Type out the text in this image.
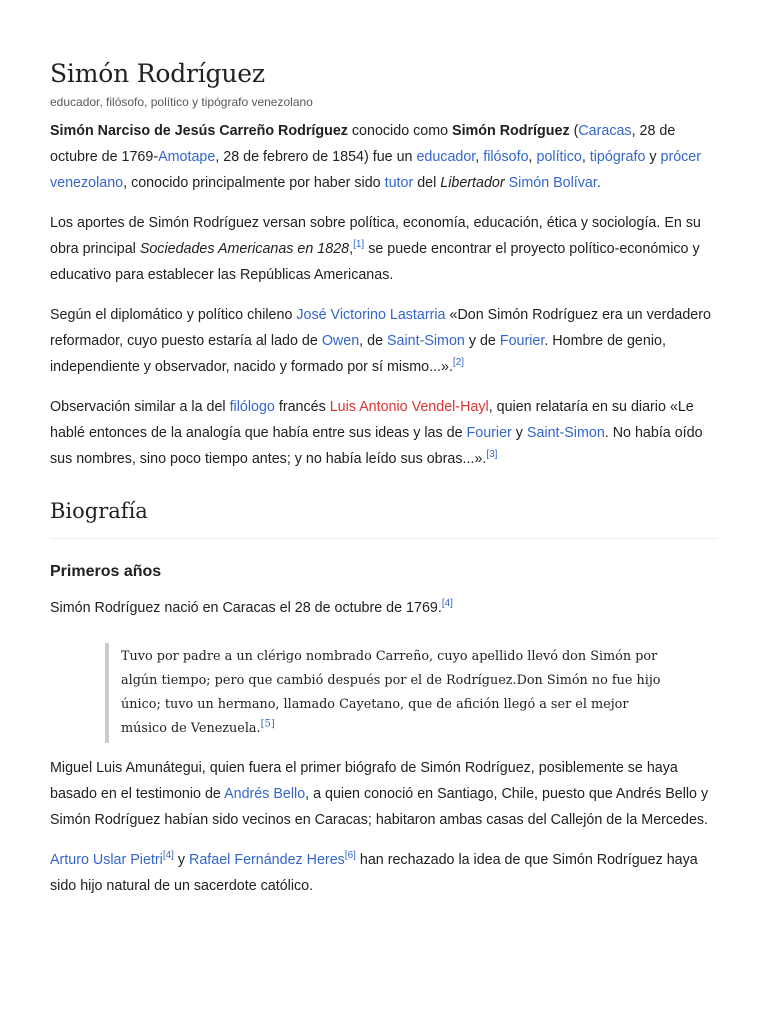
Simón Rodríguez
educador, filósofo, político y tipógrafo venezolano

Simón Narciso de Jesús Carreño Rodríguez conocido como Simón Rodríguez (Caracas, 28 de octubre de 1769-Amotape, 28 de febrero de 1854) fue un educador, filósofo, político, tipógrafo y prócer venezolano, conocido principalmente por haber sido tutor del Libertador Simón Bolívar.

Los aportes de Simón Rodríguez versan sobre política, economía, educación, ética y sociología. En su obra principal Sociedades Americanas en 1828,[1] se puede encontrar el proyecto político-económico y educativo para establecer las Repúblicas Americanas.

Según el diplomático y político chileno José Victorino Lastarria «Don Simón Rodríguez era un verdadero reformador, cuyo puesto estaría al lado de Owen, de Saint-Simon y de Fourier. Hombre de genio, independiente y observador, nacido y formado por sí mismo...».[2]

Observación similar a la del filólogo francés Luis Antonio Vendel-Hayl, quien relataría en su diario «Le hablé entonces de la analogía que había entre sus ideas y las de Fourier y Saint-Simon. No había oído sus nombres, sino poco tiempo antes; y no había leído sus obras...».[3]

Biografía
Primeros años

Simón Rodríguez nació en Caracas el 28 de octubre de 1769.[4]

Tuvo por padre a un clérigo nombrado Carreño, cuyo apellido llevó don Simón por algún tiempo; pero que cambió después por el de Rodríguez.Don Simón no fue hijo único; tuvo un hermano, llamado Cayetano, que de afición llegó a ser el mejor músico de Venezuela.[5]

Miguel Luis Amunátegui, quien fuera el primer biógrafo de Simón Rodríguez, posiblemente se haya basado en el testimonio de Andrés Bello, a quien conoció en Santiago, Chile, puesto que Andrés Bello y Simón Rodríguez habían sido vecinos en Caracas; habitaron ambas casas del Callejón de la Mercedes.

Arturo Uslar Pietri[4] y Rafael Fernández Heres[6] han rechazado la idea de que Simón Rodríguez haya sido hijo natural de un sacerdote católico.
